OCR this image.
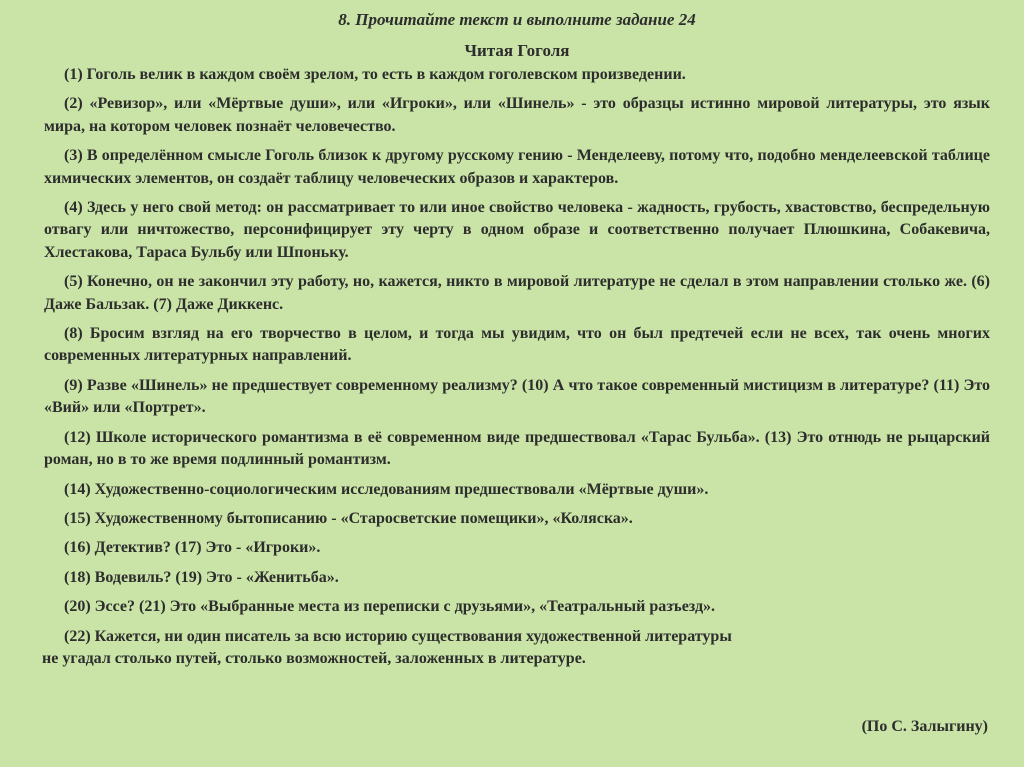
8. Прочитайте текст и выполните задание 24
Читая Гоголя
(1) Гоголь велик в каждом своём зрелом, то есть в каждом гоголевском произведении.
(2) «Ревизор», или «Мёртвые души», или «Игроки», или «Шинель» - это образцы истинно мировой литературы, это язык мира, на котором человек познаёт человечество.
(3) В определённом смысле Гоголь близок к другому русскому гению - Менделееву, потому что, подобно менделеевской таблице химических элементов, он создаёт таблицу человеческих образов и характеров.
(4) Здесь у него свой метод: он рассматривает то или иное свойство человека - жадность, грубость, хвастовство, беспредельную отвагу или ничтожество, персонифицирует эту черту в одном образе и соответственно получает Плюшкина, Собакевича, Хлестакова, Тараса Бульбу или Шпоньку.
(5) Конечно, он не закончил эту работу, но, кажется, никто в мировой литературе не сделал в этом направлении столько же. (6) Даже Бальзак. (7) Даже Диккенс.
(8) Бросим взгляд на его творчество в целом, и тогда мы увидим, что он был предтечей если не всех, так очень многих современных литературных направлений.
(9) Разве «Шинель» не предшествует современному реализму? (10) А что такое современный мистицизм в литературе? (11) Это «Вий» или «Портрет».
(12) Школе исторического романтизма в её современном виде предшествовал «Тарас Бульба». (13) Это отнюдь не рыцарский роман, но в то же время подлинный романтизм.
(14) Художественно-социологическим исследованиям предшествовали «Мёртвые души».
(15) Художественному бытописанию - «Старосветские помещики», «Коляска».
(16) Детектив? (17) Это - «Игроки».
(18) Водевиль? (19) Это - «Женитьба».
(20) Эссе? (21) Это «Выбранные места из переписки с друзьями», «Театральный разъезд».
(22) Кажется, ни один писатель за всю историю существования художественной литературы
не угадал столько путей, столько возможностей, заложенных в литературе.
(По С. Залыгину)
